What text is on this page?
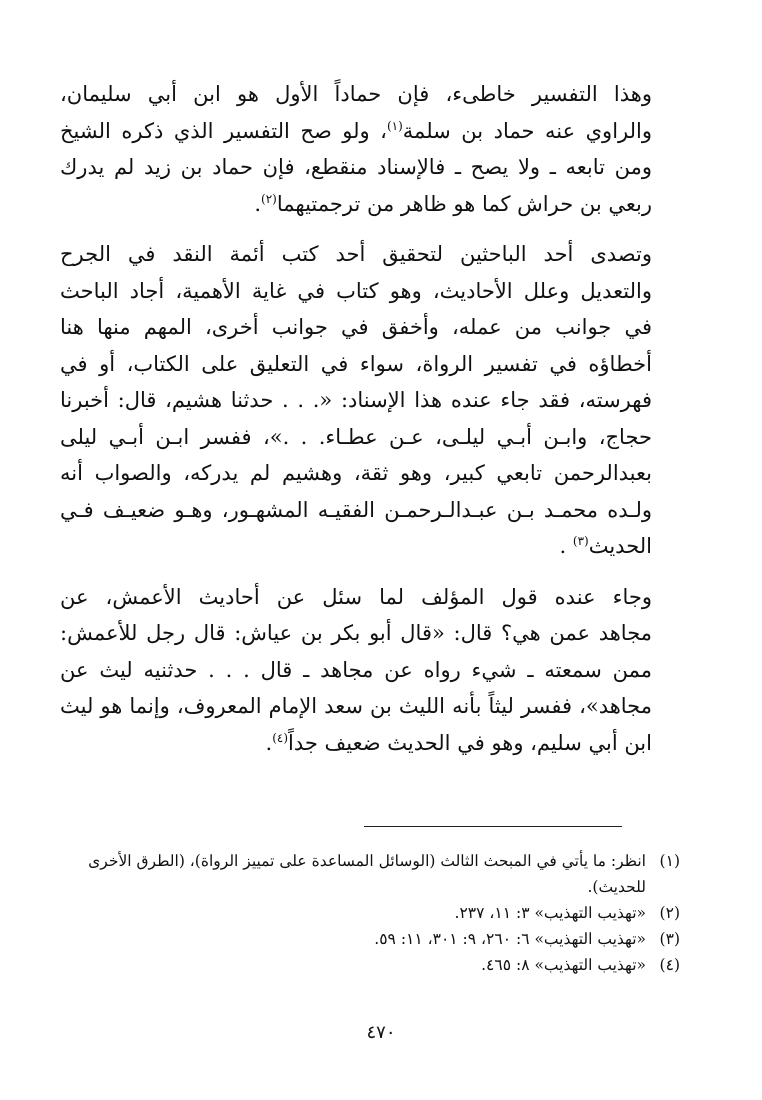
وهذا التفسير خاطىء، فإن حماداً الأول هو ابن أبي سليمان،
والراوي عنه حماد بن سلمة$^{(١)}$، ولو صح التفسير الذي ذكره الشيخ
ومن تابعه ـ ولا يصح ـ فالإسناد منقطع، فإن حماد بن زيد لم يدرك
ربعي بن حراش كما هو ظاهر من ترجمتيهما$^{(٢)}$.

وتصدى أحد الباحثين لتحقيق أحد كتب أئمة النقد في الجرح
والتعديل وعلل الأحاديث، وهو كتاب في غاية الأهمية، أجاد الباحث
في جوانب من عمله، وأخفق في جوانب أخرى، المهم منها هنا
أخطاؤه في تفسير الرواة، سواء في التعليق على الكتاب، أو في
فهرسته، فقد جاء عنده هذا الإسناد: «. . . حدثنا هشيم، قال: أخبرنا
حجاج، وابـن أبـي ليلـى، عـن عطـاء. . .»، ففسر ابـن أبـي ليلى
بعبدالرحمن تابعي كبير، وهو ثقة، وهشيم لم يدركه، والصواب أنه
ولـده محمـد بـن عبـدالـرحمـن الفقيـه المشهـور، وهـو ضعيـف فـي
الحديث$^{(٣)}$ .

وجاء عنده قول المؤلف لما سئل عن أحاديث الأعمش، عن
مجاهد عمن هي؟ قال: «قال أبو بكر بن عياش: قال رجل للأعمش:
ممن سمعته ـ شيء رواه عن مجاهد ـ قال . . . حدثنيه ليث عن
مجاهد»، ففسر ليثاً بأنه الليث بن سعد الإمام المعروف، وإنما هو ليث
ابن أبي سليم، وهو في الحديث ضعيف جداً$^{(٤)}$.

(١)
انظر: ما يأتي في المبحث الثالث (الوسائل المساعدة على تمييز الرواة)، (الطرق الأخرى للحديث).
(٢)
«تهذيب التهذيب» ٣: ١١، ٢٣٧.
(٣)
«تهذيب التهذيب» ٦: ٢٦٠، ٩: ٣٠١، ١١: ٥٩.
(٤)
«تهذيب التهذيب» ٨: ٤٦٥.
٤٧٠
